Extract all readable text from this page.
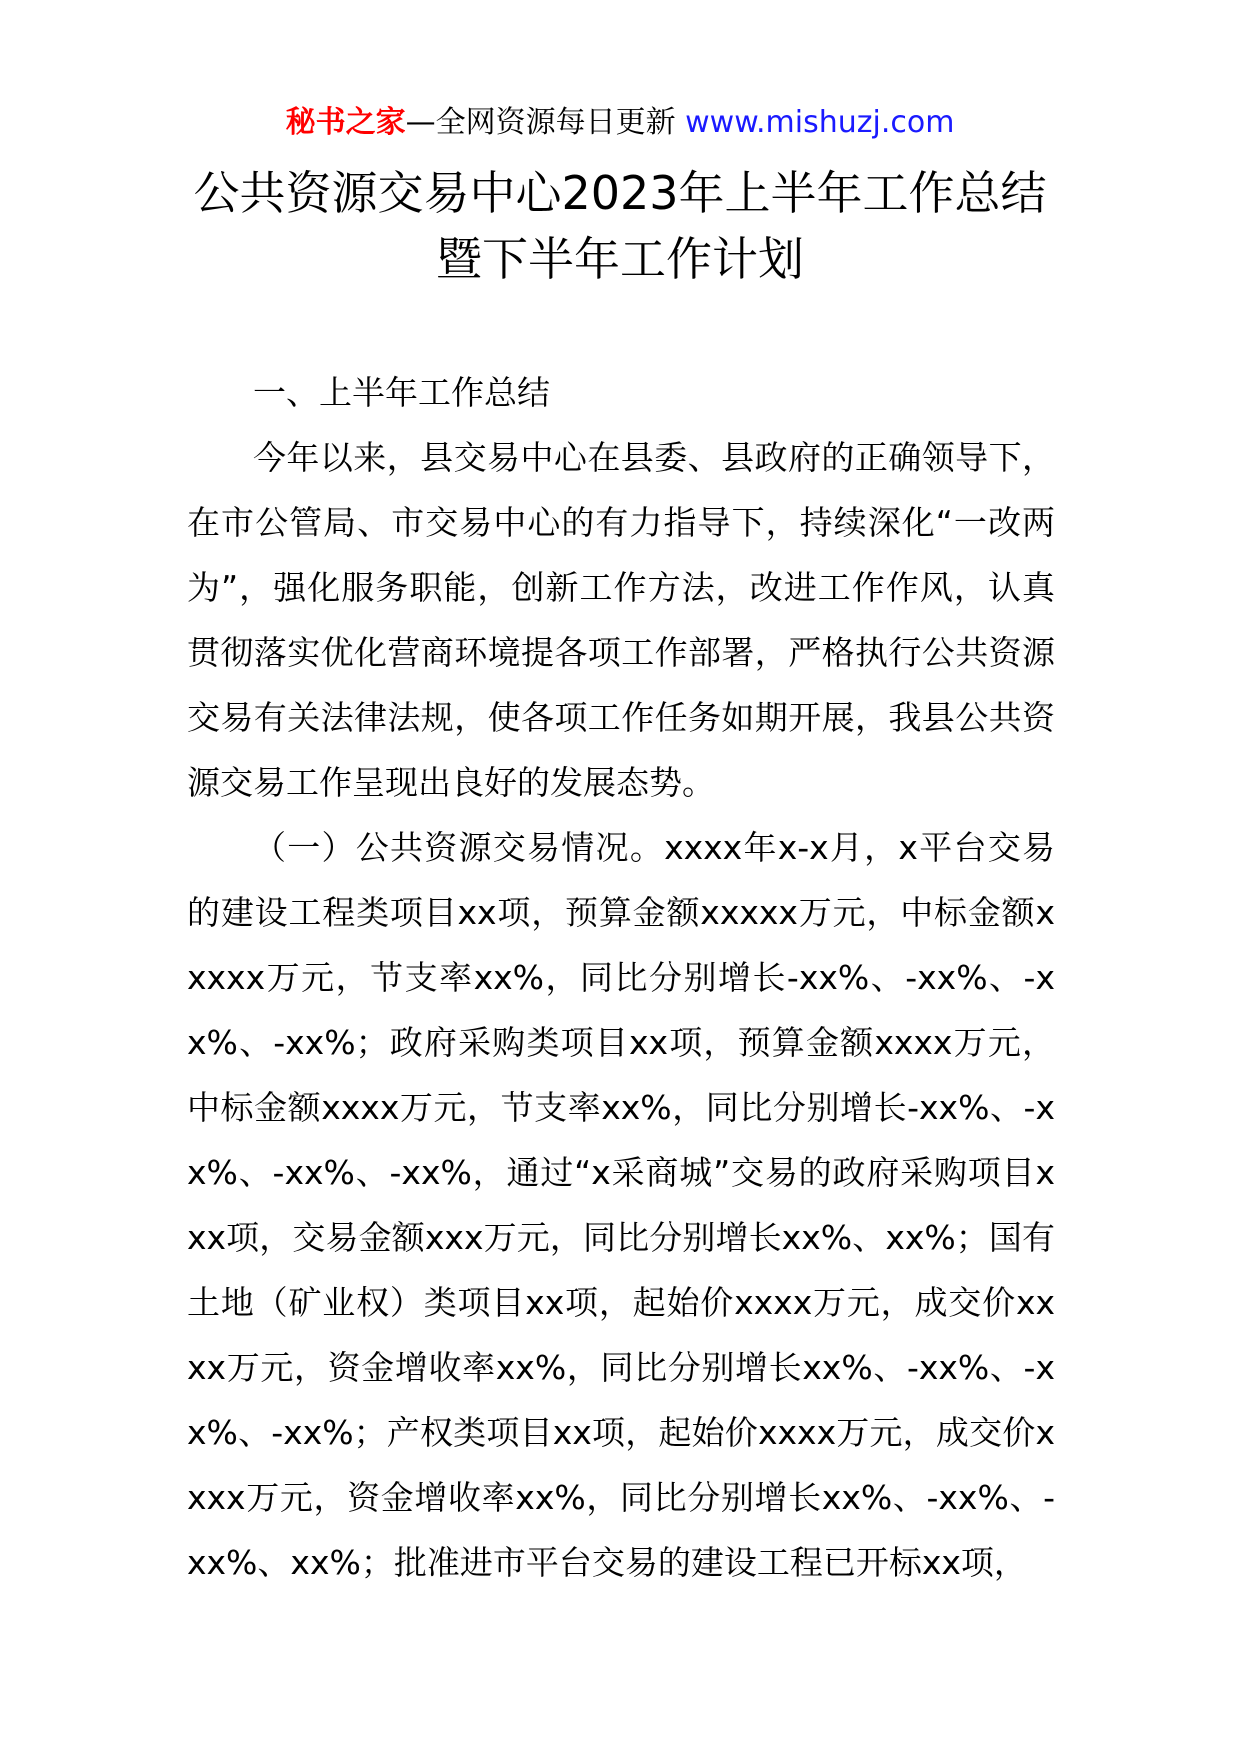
秘书之家—全网资源每日更新 www.mishuzj.com
公共资源交易中心2023年上半年工作总结
暨下半年工作计划
一、上半年工作总结

今年以来，县交易中心在县委、县政府的正确领导下，在市公管局、市交易中心的有力指导下，持续深化“一改两为”，强化服务职能，创新工作方法，改进工作作风，认真贯彻落实优化营商环境提各项工作部署，严格执行公共资源交易有关法律法规，使各项工作任务如期开展，我县公共资源交易工作呈现出良好的发展态势。

（一）公共资源交易情况。xxxx年x-x月，x平台交易的建设工程类项目xx项，预算金额xxxxx万元，中标金额xxxxx万元，节支率xx%，同比分别增长-xx%、-xx%、-xx%、-xx%；政府采购类项目xx项，预算金额xxxx万元，中标金额xxxx万元，节支率xx%，同比分别增长-xx%、-xx%、-xx%、-xx%，通过“x采商城”交易的政府采购项目xxx项，交易金额xxx万元，同比分别增长xx%、xx%；国有土地（矿业权）类项目xx项，起始价xxxx万元，成交价xxxx万元，资金增收率xx%，同比分别增长xx%、-xx%、-xx%、-xx%；产权类项目xx项，起始价xxxx万元，成交价xxxx万元，资金增收率xx%，同比分别增长xx%、-xx%、-xx%、xx%；批准进市平台交易的建设工程已开标xx项，
